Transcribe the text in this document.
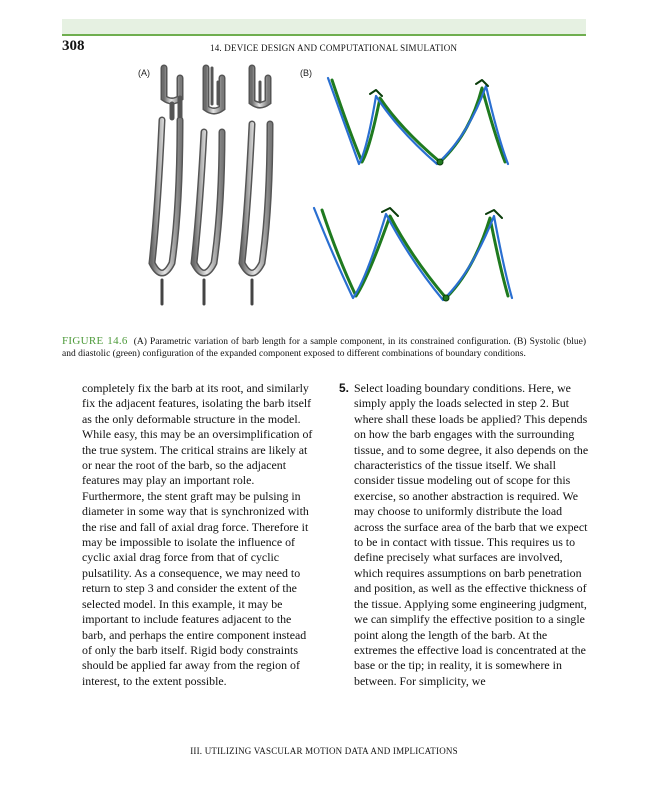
308	14. DEVICE DESIGN AND COMPUTATIONAL SIMULATION
(A)	(B)
FIGURE 14.6 (A) Parametric variation of barb length for a sample component, in its constrained configuration. (B) Systolic (blue) and diastolic (green) configuration of the expanded component exposed to different combinations of boundary conditions.

completely fix the barb at its root, and similarly fix the adjacent features, isolating the barb itself as the only deformable structure in the model. While easy, this may be an oversimplification of the true system. The critical strains are likely at or near the root of the barb, so the adjacent features may play an important role. Furthermore, the stent graft may be pulsing in diameter in some way that is synchronized with the rise and fall of axial drag force. Therefore it may be impossible to isolate the influence of cyclic axial drag force from that of cyclic pulsatility. As a consequence, we may need to return to step 3 and consider the extent of the selected model. In this example, it may be important to include features adjacent to the barb, and perhaps the entire component instead of only the barb itself. Rigid body constraints should be applied far away from the region of interest, to the extent possible.

5. Select loading boundary conditions. Here, we simply apply the loads selected in step 2. But where shall these loads be applied? This depends on how the barb engages with the surrounding tissue, and to some degree, it also depends on the characteristics of the tissue itself. We shall consider tissue modeling out of scope for this exercise, so another abstraction is required. We may choose to uniformly distribute the load across the surface area of the barb that we expect to be in contact with tissue. This requires us to define precisely what surfaces are involved, which requires assumptions on barb penetration and position, as well as the effective thickness of the tissue. Applying some engineering judgment, we can simplify the effective position to a single point along the length of the barb. At the extremes the effective load is concentrated at the base or the tip; in reality, it is somewhere in between. For simplicity, we

III. UTILIZING VASCULAR MOTION DATA AND IMPLICATIONS
